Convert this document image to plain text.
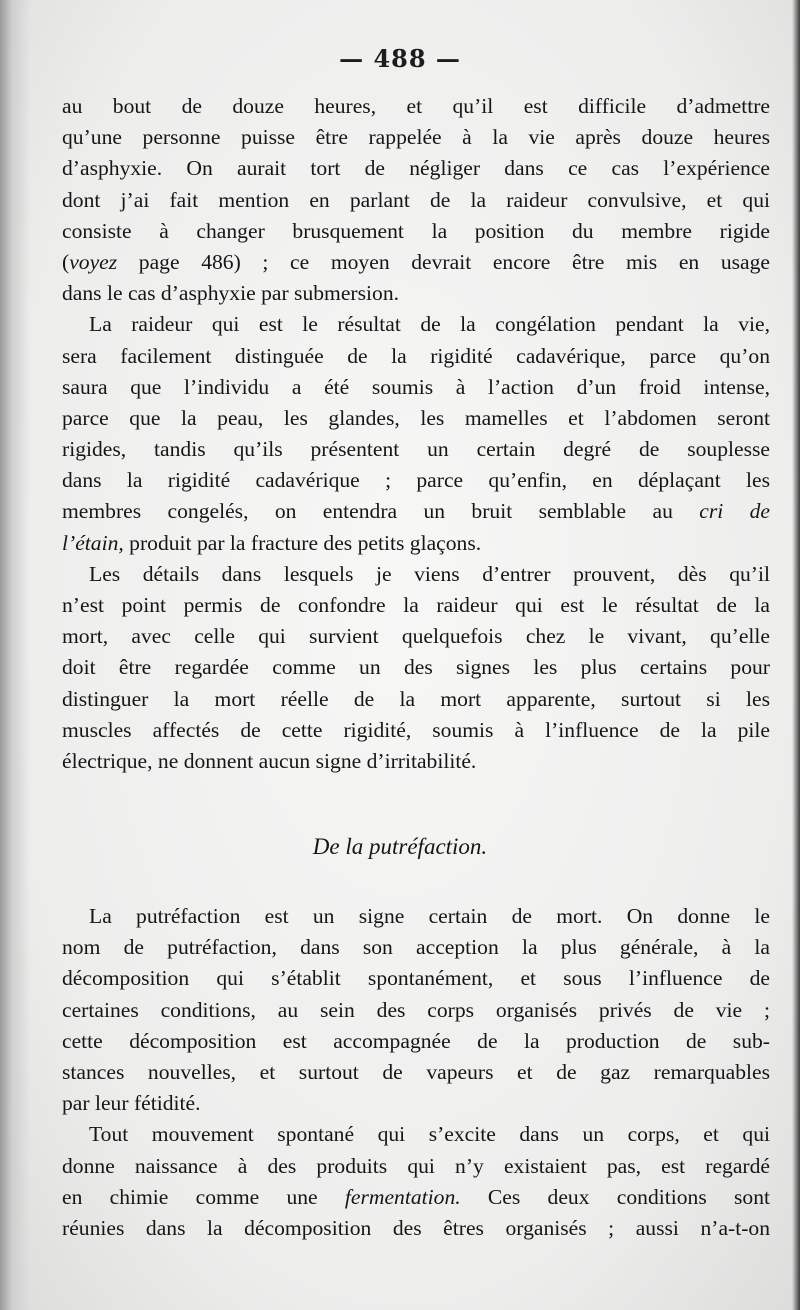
— 488 —
au bout de douze heures, et qu’il est difficile d’admettre
qu’une personne puisse être rappelée à la vie après douze heures
d’asphyxie. On aurait tort de négliger dans ce cas l’expérience
dont j’ai fait mention en parlant de la raideur convulsive, et qui
consiste à changer brusquement la position du membre rigide
(voyez page 486) ; ce moyen devrait encore être mis en usage
dans le cas d’asphyxie par submersion.
La raideur qui est le résultat de la congélation pendant la vie,
sera facilement distinguée de la rigidité cadavérique, parce qu’on
saura que l’individu a été soumis à l’action d’un froid intense,
parce que la peau, les glandes, les mamelles et l’abdomen seront
rigides, tandis qu’ils présentent un certain degré de souplesse
dans la rigidité cadavérique ; parce qu’enfin, en déplaçant les
membres congelés, on entendra un bruit semblable au cri de
l’étain, produit par la fracture des petits glaçons.
Les détails dans lesquels je viens d’entrer prouvent, dès qu’il
n’est point permis de confondre la raideur qui est le résultat de la
mort, avec celle qui survient quelquefois chez le vivant, qu’elle
doit être regardée comme un des signes les plus certains pour
distinguer la mort réelle de la mort apparente, surtout si les
muscles affectés de cette rigidité, soumis à l’influence de la pile
électrique, ne donnent aucun signe d’irritabilité.
De la putréfaction.
La putréfaction est un signe certain de mort. On donne le
nom de putréfaction, dans son acception la plus générale, à la
décomposition qui s’établit spontanément, et sous l’influence de
certaines conditions, au sein des corps organisés privés de vie ;
cette décomposition est accompagnée de la production de sub-
stances nouvelles, et surtout de vapeurs et de gaz remarquables
par leur fétidité.
Tout mouvement spontané qui s’excite dans un corps, et qui
donne naissance à des produits qui n’y existaient pas, est regardé
en chimie comme une fermentation. Ces deux conditions sont
réunies dans la décomposition des êtres organisés ; aussi n’a-t-on
